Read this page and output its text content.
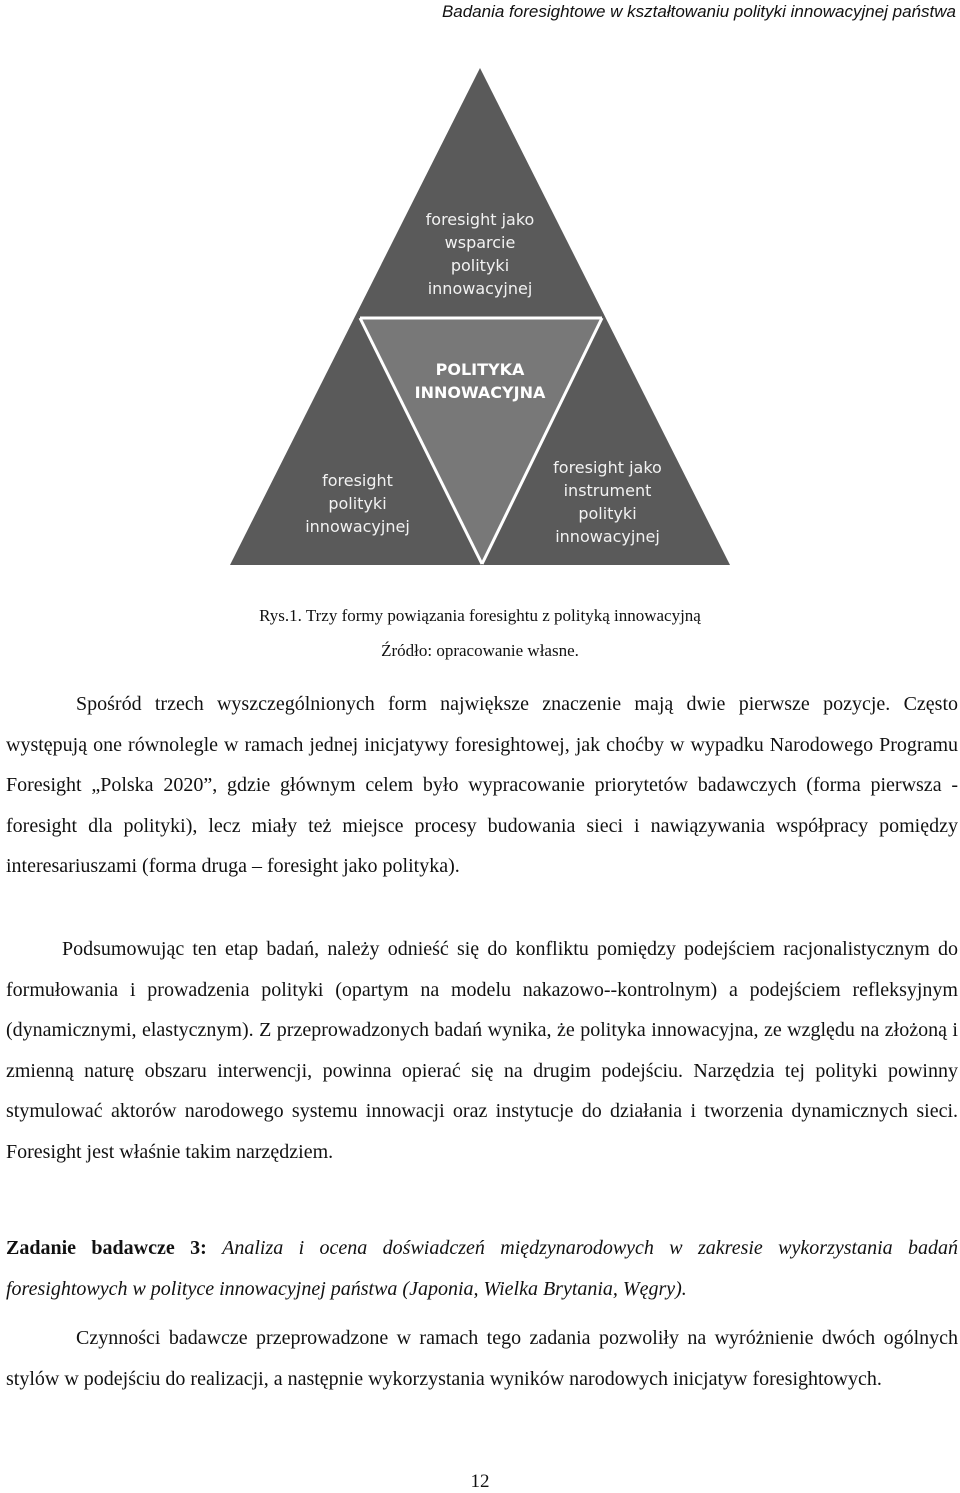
Badania foresightowe w kształtowaniu polityki innowacyjnej państwa
foresight jako
wsparcie
polityki
innowacyjnej
POLITYKA
INNOWACYJNA
foresight
polityki
innowacyjnej
foresight jako
instrument
polityki
innowacyjnej
Rys.1. Trzy formy powiązania foresightu z polityką innowacyjną
Źródło: opracowanie własne.

Spośród trzech wyszczególnionych form największe znaczenie mają dwie pierwsze pozycje. Często występują one równolegle w ramach jednej inicjatywy foresightowej, jak choćby w wypadku Narodowego Programu Foresight „Polska 2020”, gdzie głównym celem było wypracowanie priorytetów badawczych (forma pierwsza - foresight dla polityki), lecz miały też miejsce procesy budowania sieci i nawiązywania współpracy pomiędzy interesariuszami (forma druga – foresight jako polityka).

Podsumowując ten etap badań, należy odnieść się do konfliktu pomiędzy podejściem racjonalistycznym do formułowania i prowadzenia polityki (opartym na modelu nakazowo--kontrolnym) a podejściem refleksyjnym (dynamicznymi, elastycznym). Z przeprowadzonych badań wynika, że polityka innowacyjna, ze względu na złożoną i zmienną naturę obszaru interwencji, powinna opierać się na drugim podejściu. Narzędzia tej polityki powinny stymulować aktorów narodowego systemu innowacji oraz instytucje do działania i tworzenia dynamicznych sieci. Foresight jest właśnie takim narzędziem.

Zadanie badawcze 3: Analiza i ocena doświadczeń międzynarodowych w zakresie wykorzystania badań foresightowych w polityce innowacyjnej państwa (Japonia, Wielka Brytania, Węgry).

Czynności badawcze przeprowadzone w ramach tego zadania pozwoliły na wyróżnienie dwóch ogólnych stylów w podejściu do realizacji, a następnie wykorzystania wyników narodowych inicjatyw foresightowych.

12
